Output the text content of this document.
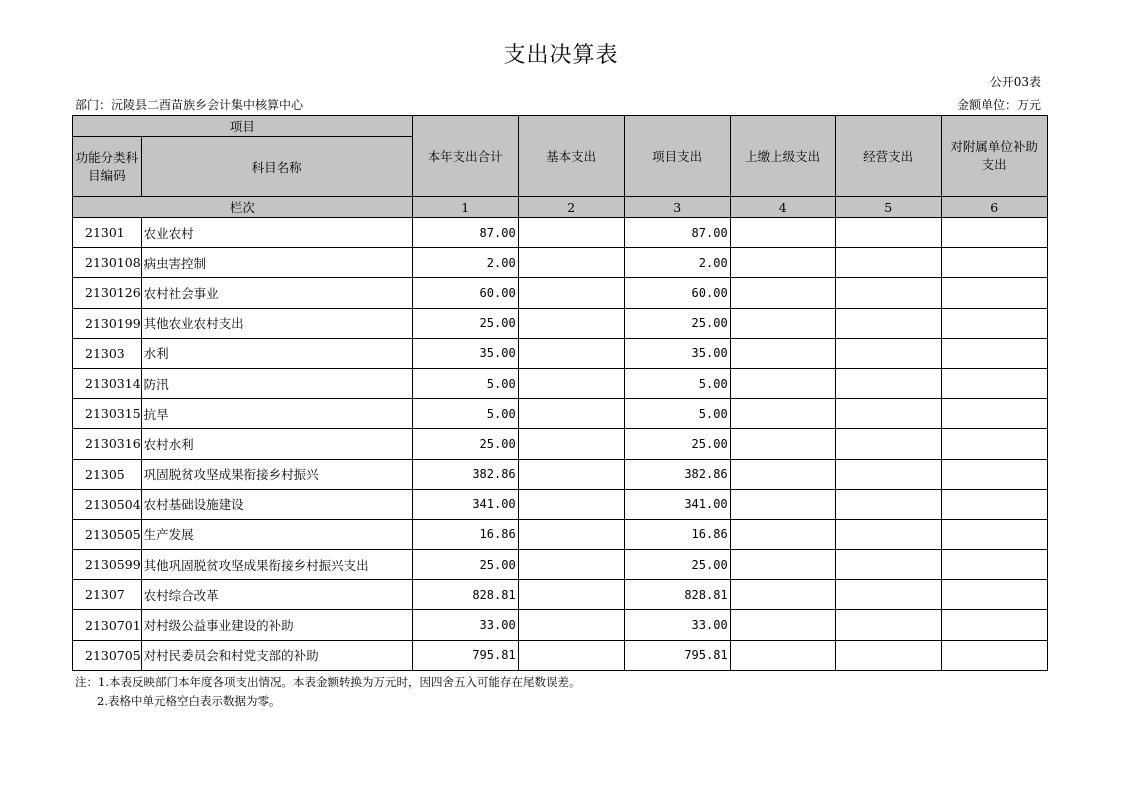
支出决算表
公开03表
部门：沅陵县二酉苗族乡会计集中核算中心	金额单位：万元
项目		本年支出合计	基本支出	项目支出	上缴上级支出	经营支出	对附属单位补助支出
功能分类科目编码	科目名称						
栏次		1	2	3	4	5	6
21301	农业农村	87.00		87.00			
2130108	病虫害控制	2.00		2.00			
2130126	农村社会事业	60.00		60.00			
2130199	其他农业农村支出	25.00		25.00			
21303	水利	35.00		35.00			
2130314	防汛	5.00		5.00			
2130315	抗旱	5.00		5.00			
2130316	农村水利	25.00		25.00			
21305	巩固脱贫攻坚成果衔接乡村振兴	382.86		382.86			
2130504	农村基础设施建设	341.00		341.00			
2130505	生产发展	16.86		16.86			
2130599	其他巩固脱贫攻坚成果衔接乡村振兴支出	25.00		25.00			
21307	农村综合改革	828.81		828.81			
2130701	对村级公益事业建设的补助	33.00		33.00			
2130705	对村民委员会和村党支部的补助	795.81		795.81			
注：1.本表反映部门本年度各项支出情况。本表金额转换为万元时，因四舍五入可能存在尾数误差。
2.表格中单元格空白表示数据为零。
